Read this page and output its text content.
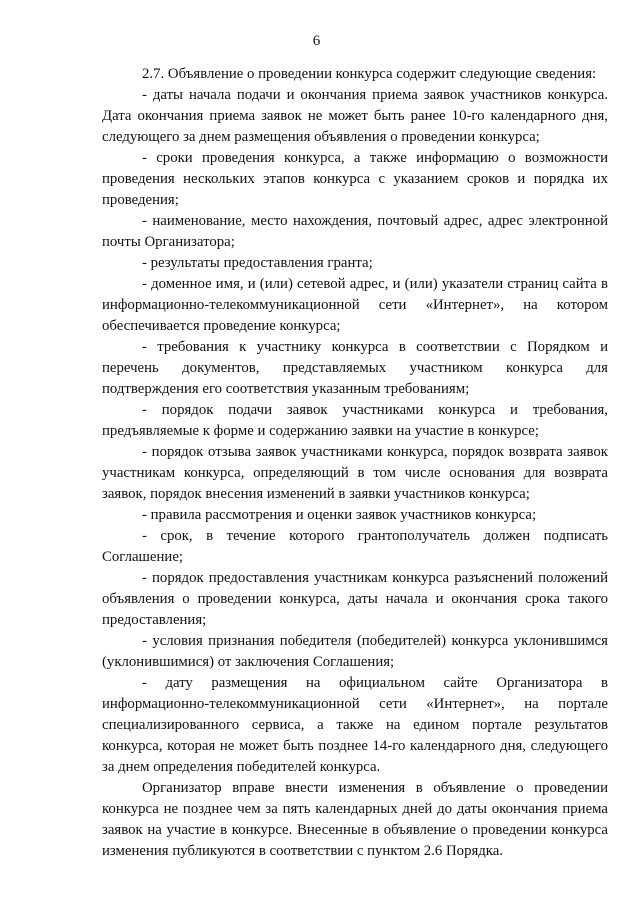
6

2.7. Объявление о проведении конкурса содержит следующие сведения:

- даты начала подачи и окончания приема заявок участников конкурса. Дата окончания приема заявок не может быть ранее 10-го календарного дня, следующего за днем размещения объявления о проведении конкурса;

- сроки проведения конкурса, а также информацию о возможности проведения нескольких этапов конкурса с указанием сроков и порядка их проведения;

- наименование, место нахождения, почтовый адрес, адрес электронной почты Организатора;

- результаты предоставления гранта;

- доменное имя, и (или) сетевой адрес, и (или) указатели страниц сайта в информационно-телекоммуникационной сети «Интернет», на котором обеспечивается проведение конкурса;

- требования к участнику конкурса в соответствии с Порядком и перечень документов, представляемых участником конкурса для подтверждения его соответствия указанным требованиям;

- порядок подачи заявок участниками конкурса и требования, предъявляемые к форме и содержанию заявки на участие в конкурсе;

- порядок отзыва заявок участниками конкурса, порядок возврата заявок участникам конкурса, определяющий в том числе основания для возврата заявок, порядок внесения изменений в заявки участников конкурса;

- правила рассмотрения и оценки заявок участников конкурса;

- срок, в течение которого грантополучатель должен подписать Соглашение;

- порядок предоставления участникам конкурса разъяснений положений объявления о проведении конкурса, даты начала и окончания срока такого предоставления;

- условия признания победителя (победителей) конкурса уклонившимся (уклонившимися) от заключения Соглашения;

- дату размещения на официальном сайте Организатора в информационно-телекоммуникационной сети «Интернет», на портале специализированного сервиса, а также на едином портале результатов конкурса, которая не может быть позднее 14-го календарного дня, следующего за днем определения победителей конкурса.

Организатор вправе внести изменения в объявление о проведении конкурса не позднее чем за пять календарных дней до даты окончания приема заявок на участие в конкурсе. Внесенные в объявление о проведении конкурса изменения публикуются в соответствии с пунктом 2.6 Порядка.
